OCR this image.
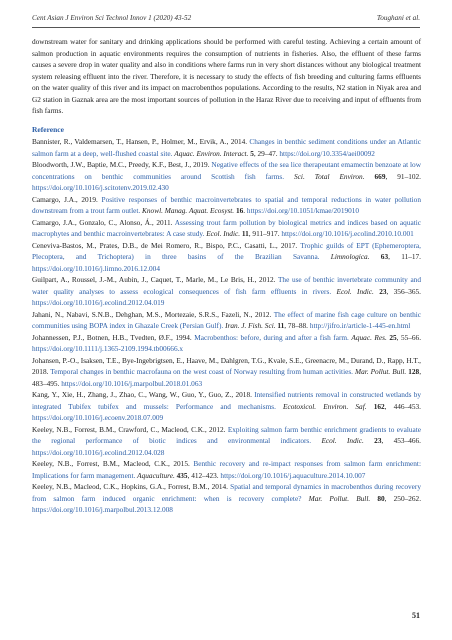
Cent Asian J Environ Sci Technol Innov 1 (2020) 43-52	Toughani et al.

downstream water for sanitary and drinking applications should be performed with careful testing. Achieving a certain amount of salmon production in aquatic environments requires the consumption of nutrients in fisheries. Also, the effluent of these farms causes a severe drop in water quality and also in conditions where farms run in very short distances without any biological treatment system releasing effluent into the river. Therefore, it is necessary to study the effects of fish breeding and culturing farms effluents on the water quality of this river and its impact on macrobenthos populations. According to the results, N2 station in Niyak area and G2 station in Gaznak area are the most important sources of pollution in the Haraz River due to receiving and input of effluents from fish farms.

Reference

Bannister, R., Valdemarsen, T., Hansen, P., Holmer, M., Ervik, A., 2014. Changes in benthic sediment conditions under an Atlantic salmon farm at a deep, well-flushed coastal site. Aquac. Environ. Interact. 5, 29–47. https://doi.org/10.3354/aei00092

Bloodworth, J.W., Baptie, M.C., Preedy, K.F., Best, J., 2019. Negative effects of the sea lice therapeutant emamectin benzoate at low concentrations on benthic communities around Scottish fish farms. Sci. Total Environ. 669, 91–102. https://doi.org/10.1016/j.scitotenv.2019.02.430

Camargo, J.A., 2019. Positive responses of benthic macroinvertebrates to spatial and temporal reductions in water pollution downstream from a trout farm outlet. Knowl. Manag. Aquat. Ecosyst. 16. https://doi.org/10.1051/kmae/2019010

Camargo, J.A., Gonzalo, C., Alonso, Á., 2011. Assessing trout farm pollution by biological metrics and indices based on aquatic macrophytes and benthic macroinvertebrates: A case study. Ecol. Indic. 11, 911–917. https://doi.org/10.1016/j.ecolind.2010.10.001

Ceneviva-Bastos, M., Prates, D.B., de Mei Romero, R., Bispo, P.C., Casatti, L., 2017. Trophic guilds of EPT (Ephemeroptera, Plecoptera, and Trichoptera) in three basins of the Brazilian Savanna. Limnologica. 63, 11–17. https://doi.org/10.1016/j.limno.2016.12.004

Guilpart, A., Roussel, J.-M., Aubin, J., Caquet, T., Marle, M., Le Bris, H., 2012. The use of benthic invertebrate community and water quality analyses to assess ecological consequences of fish farm effluents in rivers. Ecol. Indic. 23, 356–365. https://doi.org/10.1016/j.ecolind.2012.04.019

Jahani, N., Nabavi, S.N.B., Dehghan, M.S., Mortezaie, S.R.S., Fazeli, N., 2012. The effect of marine fish cage culture on benthic communities using BOPA index in Ghazale Creek (Persian Gulf). Iran. J. Fish. Sci. 11, 78–88. http://jifro.ir/article-1-445-en.html

Johannessen, P.J., Botnen, H.B., Tvedten, Ø.F., 1994. Macrobenthos: before, during and after a fish farm. Aquac. Res. 25, 55–66. https://doi.org/10.1111/j.1365-2109.1994.tb00666.x

Johansen, P.-O., Isaksen, T.E., Bye-Ingebrigtsen, E., Haave, M., Dahlgren, T.G., Kvale, S.E., Greenacre, M., Durand, D., Rapp, H.T., 2018. Temporal changes in benthic macrofauna on the west coast of Norway resulting from human activities. Mar. Pollut. Bull. 128, 483–495. https://doi.org/10.1016/j.marpolbul.2018.01.063

Kang, Y., Xie, H., Zhang, J., Zhao, C., Wang, W., Guo, Y., Guo, Z., 2018. Intensified nutrients removal in constructed wetlands by integrated Tubifex tubifex and mussels: Performance and mechanisms. Ecotoxicol. Environ. Saf. 162, 446–453. https://doi.org/10.1016/j.ecoenv.2018.07.009

Keeley, N.B., Forrest, B.M., Crawford, C., Macleod, C.K., 2012. Exploiting salmon farm benthic enrichment gradients to evaluate the regional performance of biotic indices and environmental indicators. Ecol. Indic. 23, 453–466. https://doi.org/10.1016/j.ecolind.2012.04.028

Keeley, N.B., Forrest, B.M., Macleod, C.K., 2015. Benthic recovery and re-impact responses from salmon farm enrichment: Implications for farm management. Aquaculture. 435, 412–423. https://doi.org/10.1016/j.aquaculture.2014.10.007

Keeley, N.B., Macleod, C.K., Hopkins, G.A., Forrest, B.M., 2014. Spatial and temporal dynamics in macrobenthos during recovery from salmon farm induced organic enrichment: when is recovery complete? Mar. Pollut. Bull. 80, 250–262. https://doi.org/10.1016/j.marpolbul.2013.12.008

51
